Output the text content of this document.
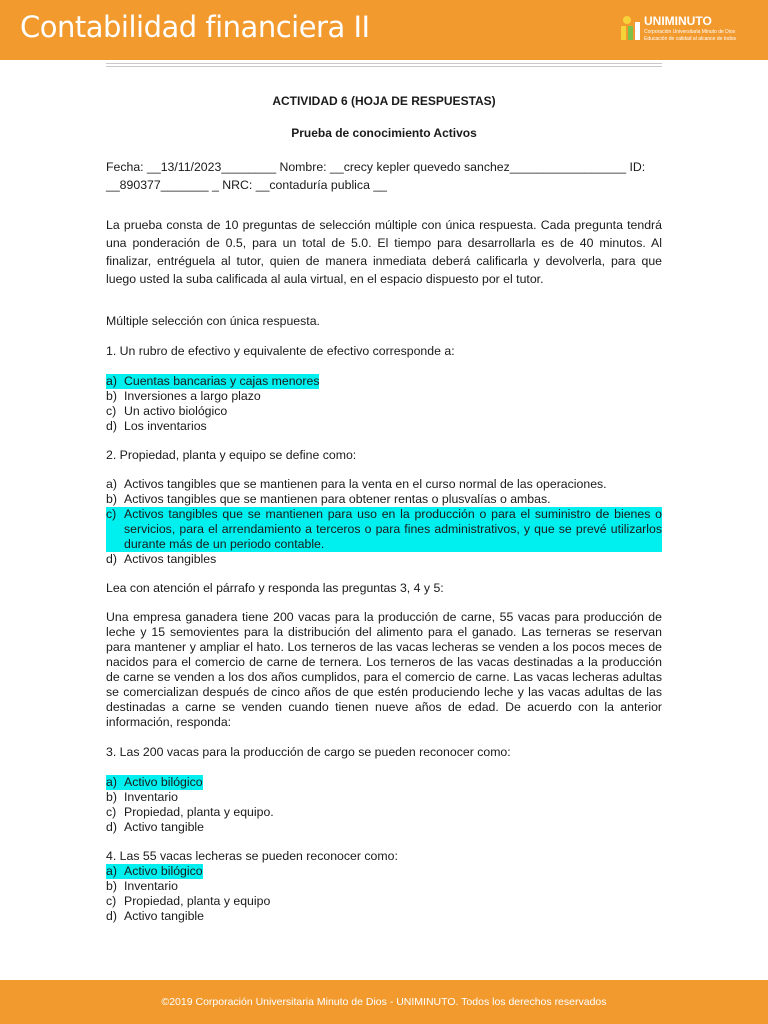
Contabilidad financiera II	UNIMINUTO
Corporación Universitaria Minuto de Dios
Educación de calidad al alcance de todos
ACTIVIDAD 6 (HOJA DE RESPUESTAS)
Prueba de conocimiento Activos
Fecha: __13/11/2023________ Nombre: __crecy kepler quevedo sanchez_________________ ID:
__890377_______ _ NRC: __contaduría publica __
La prueba consta de 10 preguntas de selección múltiple con única respuesta. Cada pregunta tendrá una ponderación de 0.5, para un total de 5.0. El tiempo para desarrollarla es de 40 minutos. Al finalizar, entréguela al tutor, quien de manera inmediata deberá calificarla y devolverla, para que luego usted la suba calificada al aula virtual, en el espacio dispuesto por el tutor.
Múltiple selección con única respuesta.
1. Un rubro de efectivo y equivalente de efectivo corresponde a:
a) Cuentas bancarias y cajas menores
b) Inversiones a largo plazo
c) Un activo biológico
d) Los inventarios
2. Propiedad, planta y equipo se define como:
a) Activos tangibles que se mantienen para la venta en el curso normal de las operaciones.
b) Activos tangibles que se mantienen para obtener rentas o plusvalías o ambas.
c) Activos tangibles que se mantienen para uso en la producción o para el suministro de bienes o servicios, para el arrendamiento a terceros o para fines administrativos, y que se prevé utilizarlos durante más de un periodo contable.
d) Activos tangibles
Lea con atención el párrafo y responda las preguntas 3, 4 y 5:
Una empresa ganadera tiene 200 vacas para la producción de carne, 55 vacas para producción de leche y 15 semovientes para la distribución del alimento para el ganado. Las terneras se reservan para mantener y ampliar el hato. Los terneros de las vacas lecheras se venden a los pocos meces de nacidos para el comercio de carne de ternera. Los terneros de las vacas destinadas a la producción de carne se venden a los dos años cumplidos, para el comercio de carne. Las vacas lecheras adultas se comercializan después de cinco años de que estén produciendo leche y las vacas adultas de las destinadas a carne se venden cuando tienen nueve años de edad. De acuerdo con la anterior información, responda:
3. Las 200 vacas para la producción de cargo se pueden reconocer como:
a) Activo bilógico
b) Inventario
c) Propiedad, planta y equipo.
d) Activo tangible
4. Las 55 vacas lecheras se pueden reconocer como:
a) Activo bilógico
b) Inventario
c) Propiedad, planta y equipo
d) Activo tangible
©2019 Corporación Universitaria Minuto de Dios - UNIMINUTO. Todos los derechos reservados
